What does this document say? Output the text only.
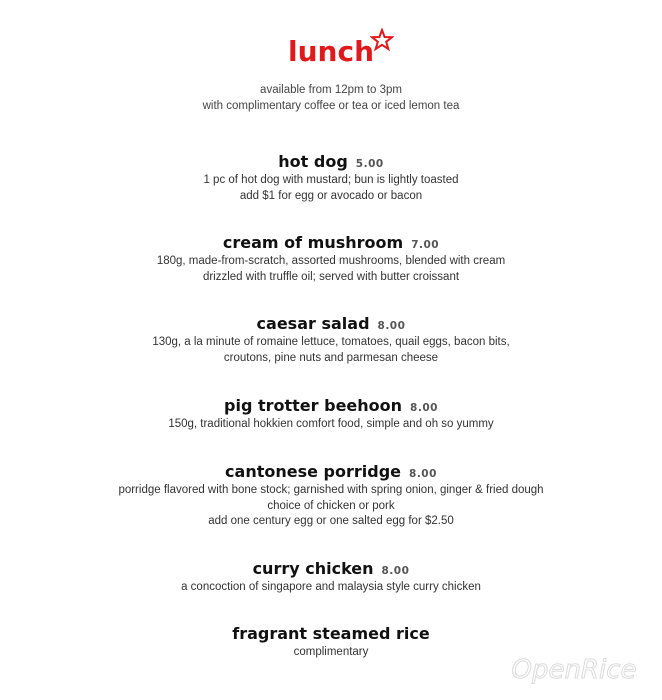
lunch
available from 12pm to 3pm
with complimentary coffee or tea or iced lemon tea
hot dog 5.00
1 pc of hot dog with mustard; bun is lightly toasted
add $1 for egg or avocado or bacon
cream of mushroom 7.00
180g, made-from-scratch, assorted mushrooms, blended with cream
drizzled with truffle oil; served with butter croissant
caesar salad 8.00
130g, a la minute of romaine lettuce, tomatoes, quail eggs, bacon bits,
croutons, pine nuts and parmesan cheese
pig trotter beehoon 8.00
150g, traditional hokkien comfort food, simple and oh so yummy
cantonese porridge 8.00
porridge flavored with bone stock; garnished with spring onion, ginger & fried dough
choice of chicken or pork
add one century egg or one salted egg for $2.50
curry chicken 8.00
a concoction of singapore and malaysia style curry chicken
fragrant steamed rice
complimentary
OpenRice
